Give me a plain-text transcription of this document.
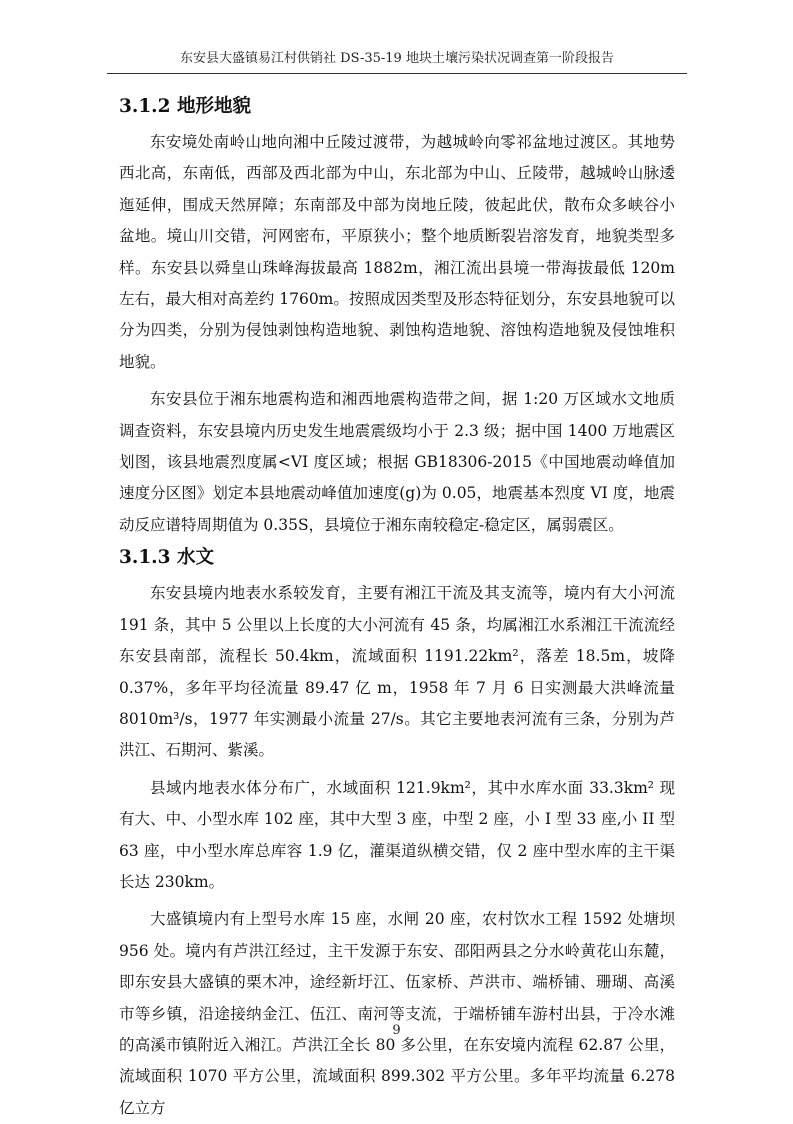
东安县大盛镇易江村供销社 DS-35-19 地块土壤污染状况调查第一阶段报告
3.1.2 地形地貌

东安境处南岭山地向湘中丘陵过渡带，为越城岭向零祁盆地过渡区。其地势西北高，东南低，西部及西北部为中山，东北部为中山、丘陵带，越城岭山脉逶迤延伸，围成天然屏障；东南部及中部为岗地丘陵，彼起此伏，散布众多峡谷小盆地。境山川交错，河网密布，平原狭小；整个地质断裂岩溶发育，地貌类型多样。东安县以舜皇山珠峰海拔最高 1882m，湘江流出县境一带海拔最低 120m 左右，最大相对高差约 1760m。按照成因类型及形态特征划分，东安县地貌可以分为四类，分别为侵蚀剥蚀构造地貌、剥蚀构造地貌、溶蚀构造地貌及侵蚀堆积地貌。

东安县位于湘东地震构造和湘西地震构造带之间，据 1:20 万区域水文地质调查资料，东安县境内历史发生地震震级均小于 2.3 级；据中国 1400 万地震区划图，该县地震烈度属<VI 度区域；根据 GB18306-2015《中国地震动峰值加速度分区图》划定本县地震动峰值加速度(g)为 0.05，地震基本烈度 VI 度，地震动反应谱特周期值为 0.35S，县境位于湘东南较稳定-稳定区，属弱震区。

3.1.3 水文

东安县境内地表水系较发育，主要有湘江干流及其支流等，境内有大小河流 191 条，其中 5 公里以上长度的大小河流有 45 条，均属湘江水系湘江干流流经东安县南部，流程长 50.4km，流域面积 1191.22km²，落差 18.5m，坡降 0.37%，多年平均径流量 89.47 亿 m，1958 年 7 月 6 日实测最大洪峰流量 8010m³/s，1977 年实测最小流量 27/s。其它主要地表河流有三条，分别为芦洪江、石期河、紫溪。

县域内地表水体分布广，水域面积 121.9km²，其中水库水面 33.3km² 现有大、中、小型水库 102 座，其中大型 3 座，中型 2 座，小 I 型 33 座,小 II 型 63 座，中小型水库总库容 1.9 亿，灌渠道纵横交错，仅 2 座中型水库的主干渠长达 230km。

大盛镇境内有上型号水库 15 座，水闸 20 座，农村饮水工程 1592 处塘坝 956 处。境内有芦洪江经过，主干发源于东安、邵阳两县之分水岭黄花山东麓，即东安县大盛镇的栗木冲，途经新圩江、伍家桥、芦洪市、端桥铺、珊瑚、高溪市等乡镇，沿途接纳金江、伍江、南河等支流，于端桥铺车游村出县，于冷水滩的高溪市镇附近入湘江。芦洪江全长 80 多公里，在东安境内流程 62.87 公里，流域面积 1070 平方公里，流域面积 899.302 平方公里。多年平均流量 6.278 亿立方

9
